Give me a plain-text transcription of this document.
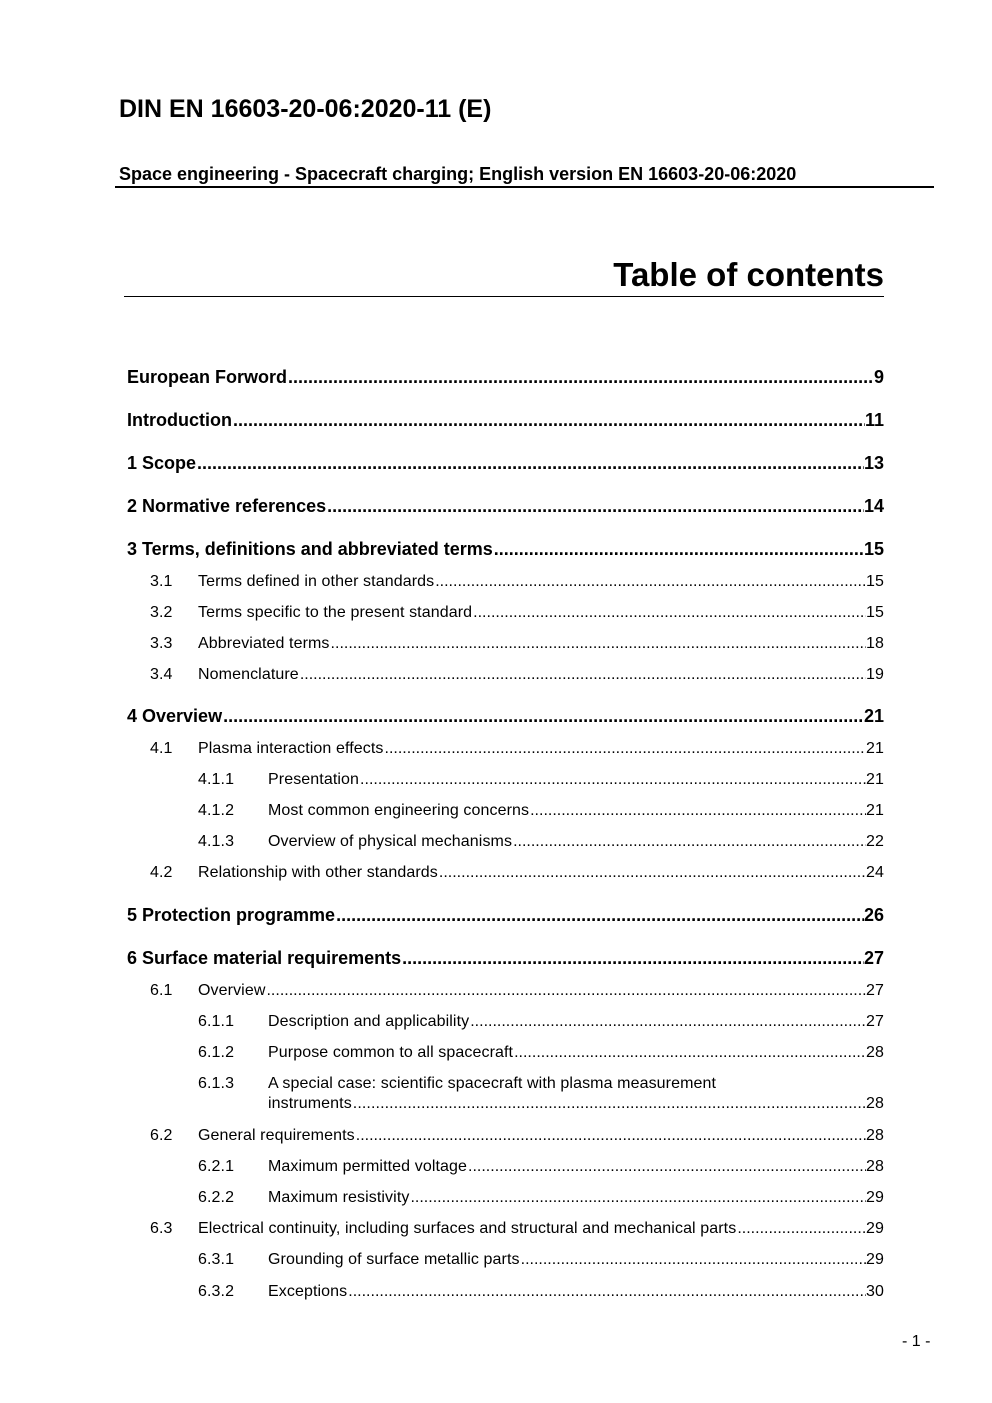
DIN EN 16603-20-06:2020-11 (E)
Space engineering - Spacecraft charging; English version EN 16603-20-06:2020
Table of contents
European Forword .....	9
Introduction .....	11
1 Scope .....	13
2 Normative references .....	14
3 Terms, definitions and abbreviated terms .....	15
3.1	Terms defined in other standards .....	15
3.2	Terms specific to the present standard .....	15
3.3	Abbreviated terms .....	18
3.4	Nomenclature .....	19
4 Overview .....	21
4.1	Plasma interaction effects .....	21
4.1.1	Presentation .....	21
4.1.2	Most common engineering concerns .....	21
4.1.3	Overview of physical mechanisms .....	22
4.2	Relationship with other standards .....	24
5 Protection programme .....	26
6 Surface material requirements .....	27
6.1	Overview .....	27
6.1.1	Description and applicability .....	27
6.1.2	Purpose common to all spacecraft .....	28
6.1.3 A special case: scientific spacecraft with plasma measurement
instruments .....	28
6.2	General requirements .....	28
6.2.1	Maximum permitted voltage .....	28
6.2.2	Maximum resistivity .....	29
6.3	Electrical continuity, including surfaces and structural and mechanical parts .....	29
6.3.1	Grounding of surface metallic parts .....	29
6.3.2	Exceptions .....	30
- 1 -
